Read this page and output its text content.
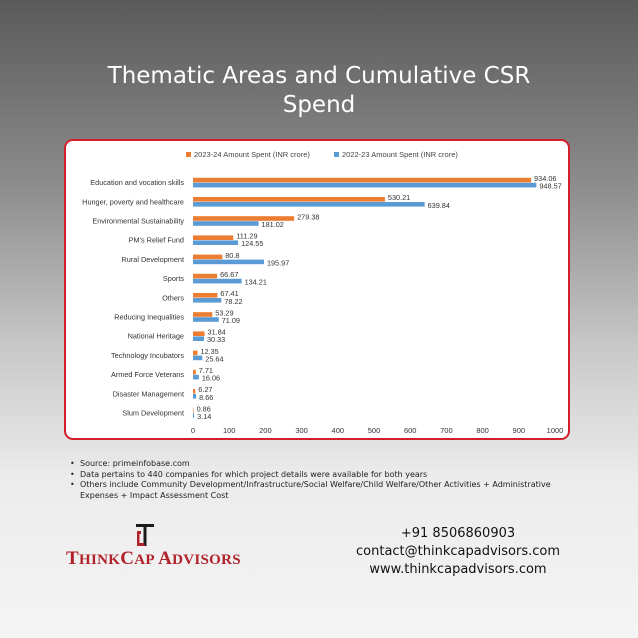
Thematic Areas and Cumulative CSR
Spend
2023-24 Amount Spent (INR crore)	2022-23 Amount Spent (INR crore)
Education and vocation skills	934.06
948.57
Hunger, poverty and healthcare	530.21
639.84
Environmental Sustainability	279.38
181.02
PM's Relief Fund	111.29
124.55
Rural Development	80.8
195.97
Sports	66.67
134.21
Others	67.41
78.22
Reducing Inequalities	53.29
71.09
National Heritage	31.84
30.33
Technology Incubators 12.35
25.64
Armed Force Veterans 7.71
16.06
Disaster Management 6.27
8.66
Slum Development 0.86
3.14
0	100	200	300	400	500	600	700	800	900	1000
• Source: primeinfobase.com
• Data pertains to 440 companies for which project details were available for both years
• Others include Community Development/Infrastructure/Social Welfare/Child Welfare/Other Activities + Administrative Expenses + Impact Assessment Cost
THINKCAP ADVISORS
+91 8506860903
contact@thinkcapadvisors.com
www.thinkcapadvisors.com
